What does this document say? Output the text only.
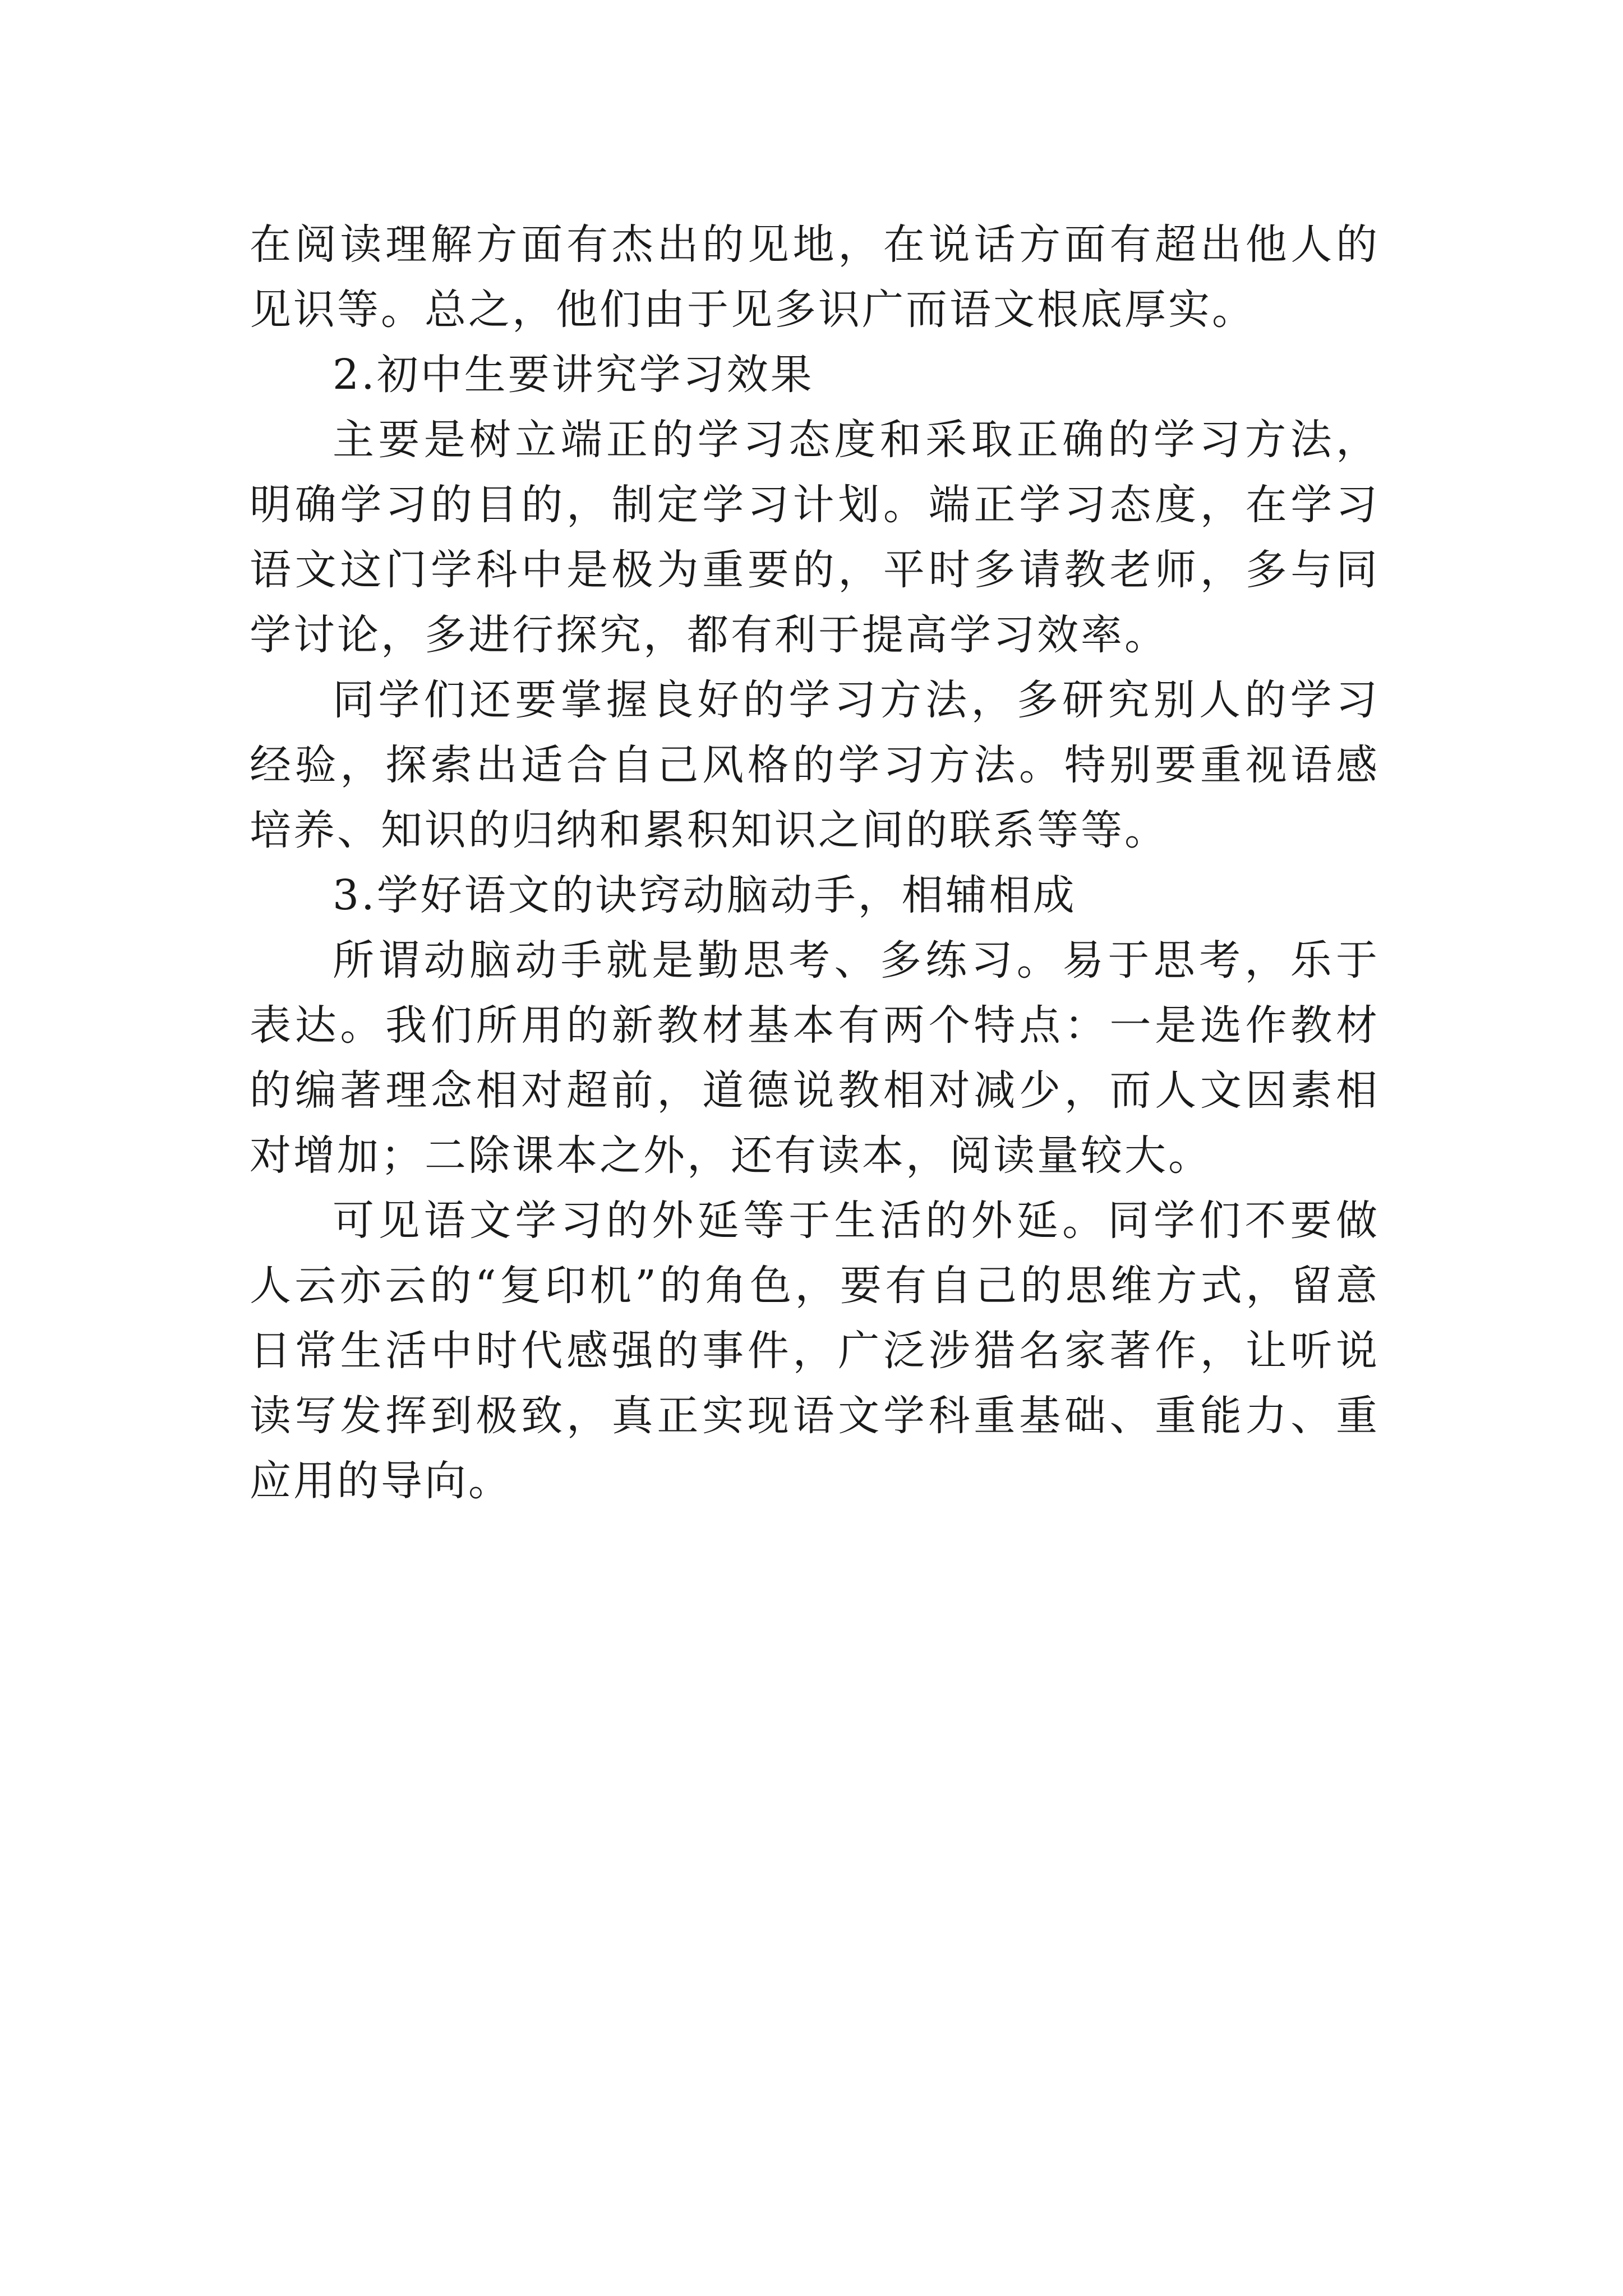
在阅读理解方面有杰出的见地，在说话方面有超出他人的见识等。总之，他们由于见多识广而语文根底厚实。

2.初中生要讲究学习效果

主要是树立端正的学习态度和采取正确的学习方法，明确学习的目的，制定学习计划。端正学习态度，在学习语文这门学科中是极为重要的，平时多请教老师，多与同学讨论，多进行探究，都有利于提高学习效率。

同学们还要掌握良好的学习方法，多研究别人的学习经验，探索出适合自己风格的学习方法。特别要重视语感培养、知识的归纳和累积知识之间的联系等等。

3.学好语文的诀窍动脑动手，相辅相成

所谓动脑动手就是勤思考、多练习。易于思考，乐于表达。我们所用的新教材基本有两个特点：一是选作教材的编著理念相对超前，道德说教相对减少，而人文因素相对增加；二除课本之外，还有读本，阅读量较大。

可见语文学习的外延等于生活的外延。同学们不要做人云亦云的“复印机”的角色，要有自己的思维方式，留意日常生活中时代感强的事件，广泛涉猎名家著作，让听说读写发挥到极致，真正实现语文学科重基础、重能力、重应用的导向。
